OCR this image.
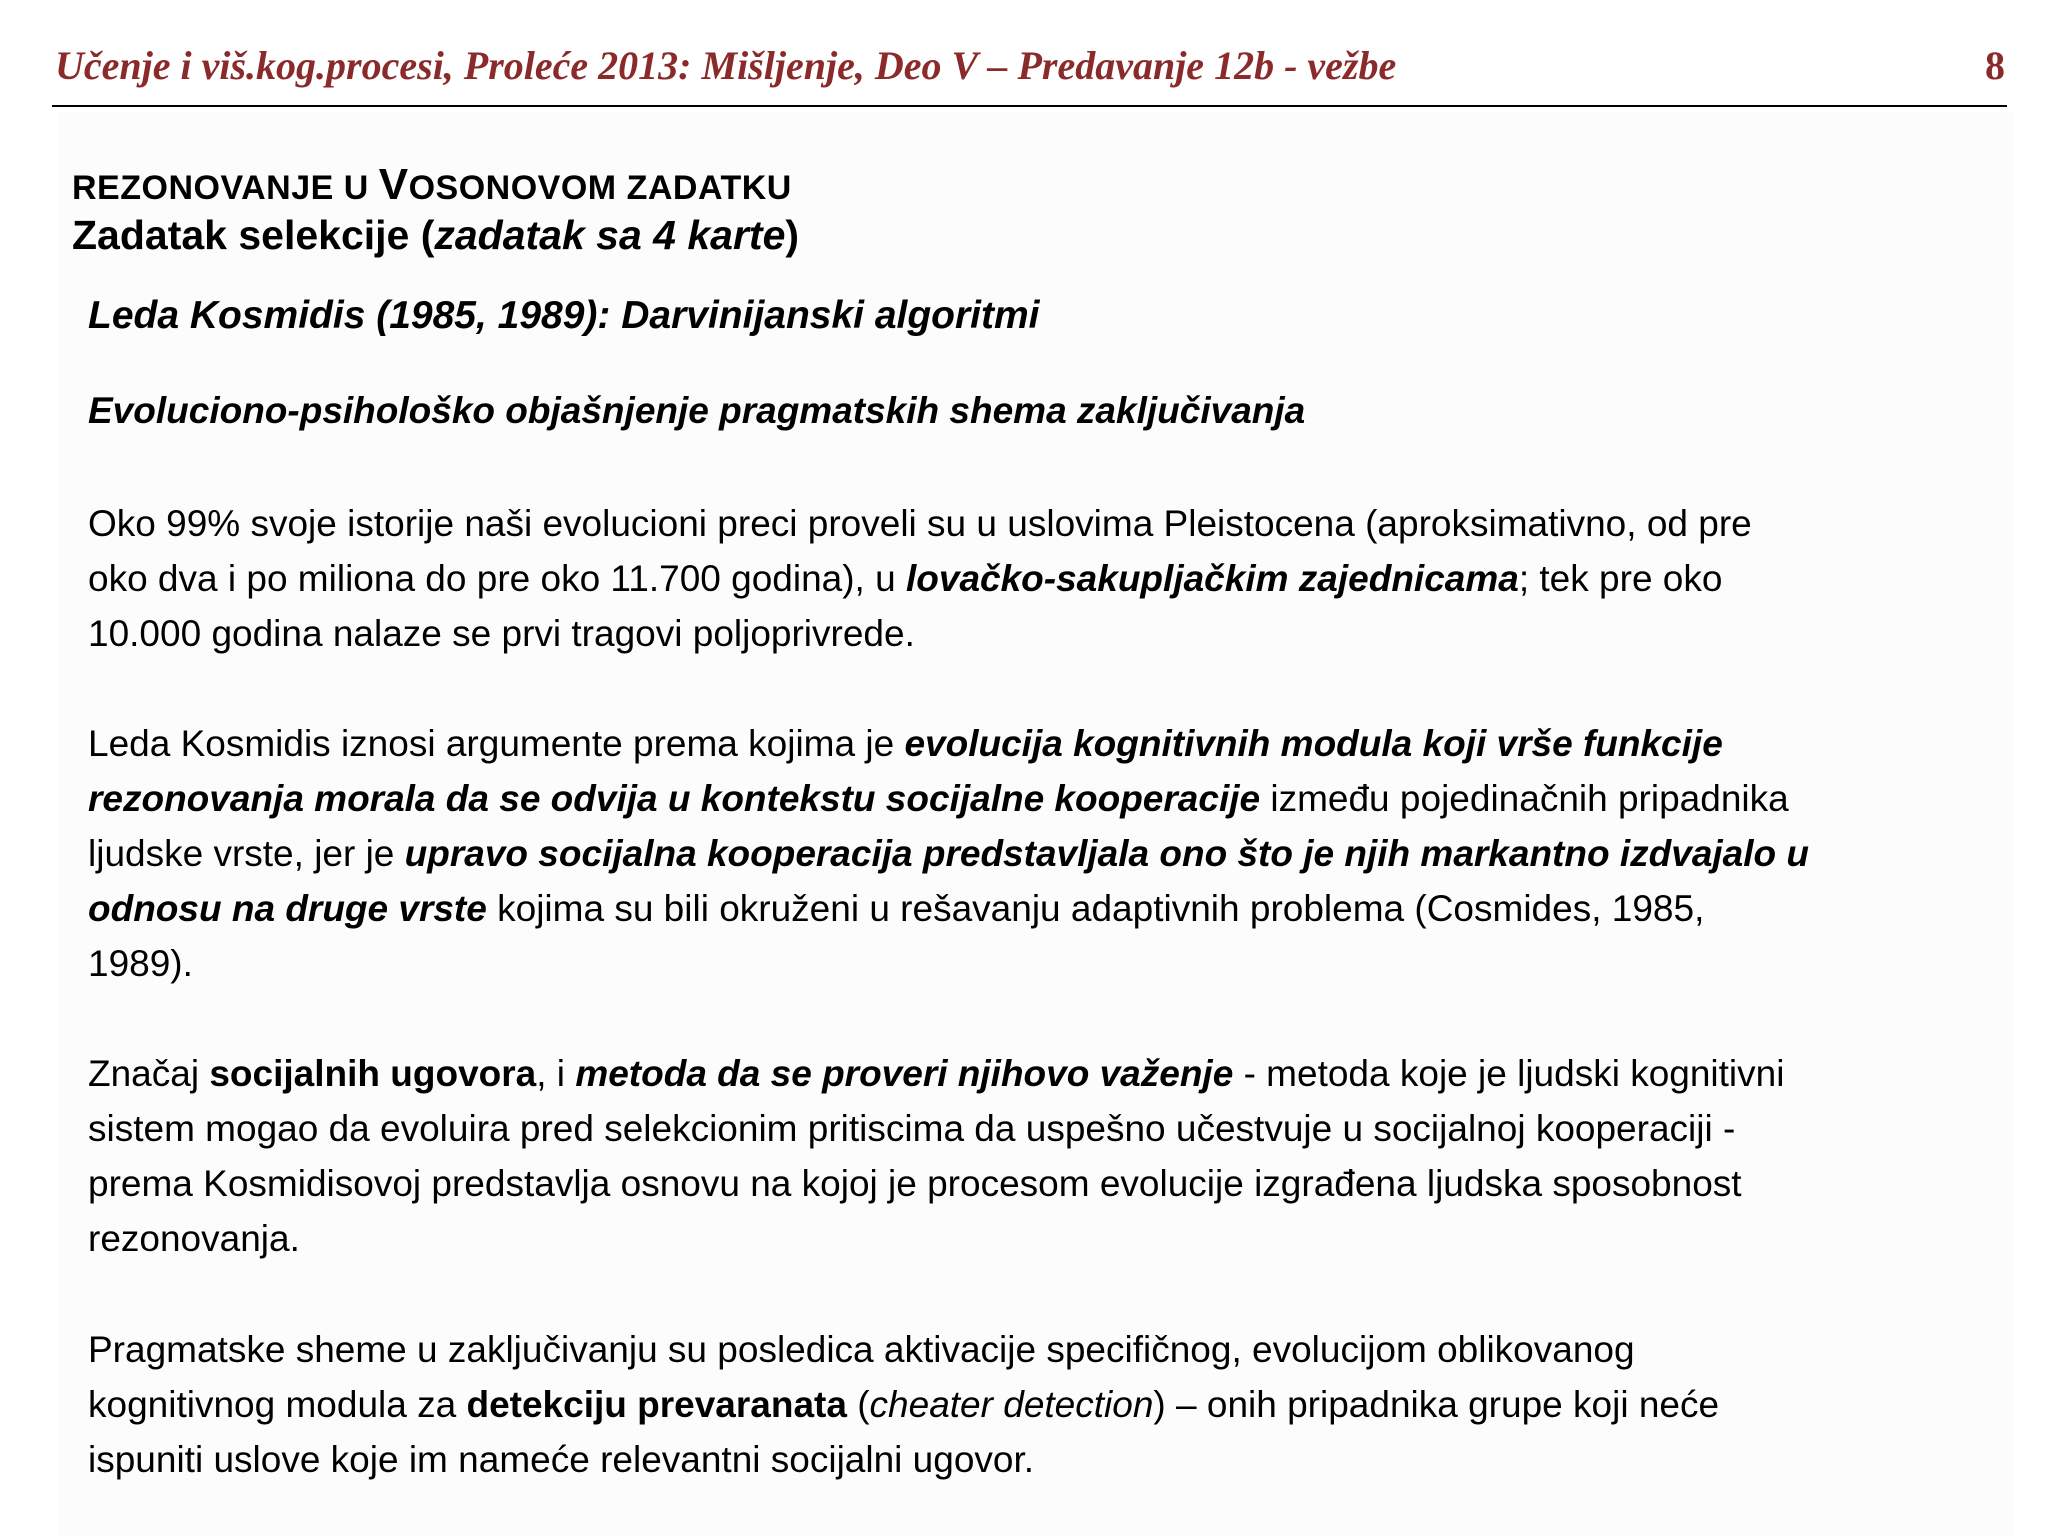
Učenje i viš.kog.procesi, Proleće 2013: Mišljenje, Deo V – Predavanje 12b - vežbe	8
REZONOVANJE U VOSONOVOM ZADATKU
Zadatak selekcije (zadatak sa 4 karte)
Leda Kosmidis (1985, 1989): Darvinijanski algoritmi
Evoluciono-psihološko objašnjenje pragmatskih shema zaključivanja
Oko 99% svoje istorije naši evolucioni preci proveli su u uslovima Pleistocena (aproksimativno, od pre
oko dva i po miliona do pre oko 11.700 godina), u lovačko-sakupljačkim zajednicama; tek pre oko
10.000 godina nalaze se prvi tragovi poljoprivrede.
Leda Kosmidis iznosi argumente prema kojima je evolucija kognitivnih modula koji vrše funkcije
rezonovanja morala da se odvija u kontekstu socijalne kooperacije između pojedinačnih pripadnika
ljudske vrste, jer je upravo socijalna kooperacija predstavljala ono što je njih markantno izdvajalo u
odnosu na druge vrste kojima su bili okruženi u rešavanju adaptivnih problema (Cosmides, 1985,
1989).
Značaj socijalnih ugovora, i metoda da se proveri njihovo važenje - metoda koje je ljudski kognitivni
sistem mogao da evoluira pred selekcionim pritiscima da uspešno učestvuje u socijalnoj kooperaciji -
prema Kosmidisovoj predstavlja osnovu na kojoj je procesom evolucije izgrađena ljudska sposobnost
rezonovanja.
Pragmatske sheme u zaključivanju su posledica aktivacije specifičnog, evolucijom oblikovanog
kognitivnog modula za detekciju prevaranata (cheater detection) – onih pripadnika grupe koji neće
ispuniti uslove koje im nameće relevantni socijalni ugovor.
